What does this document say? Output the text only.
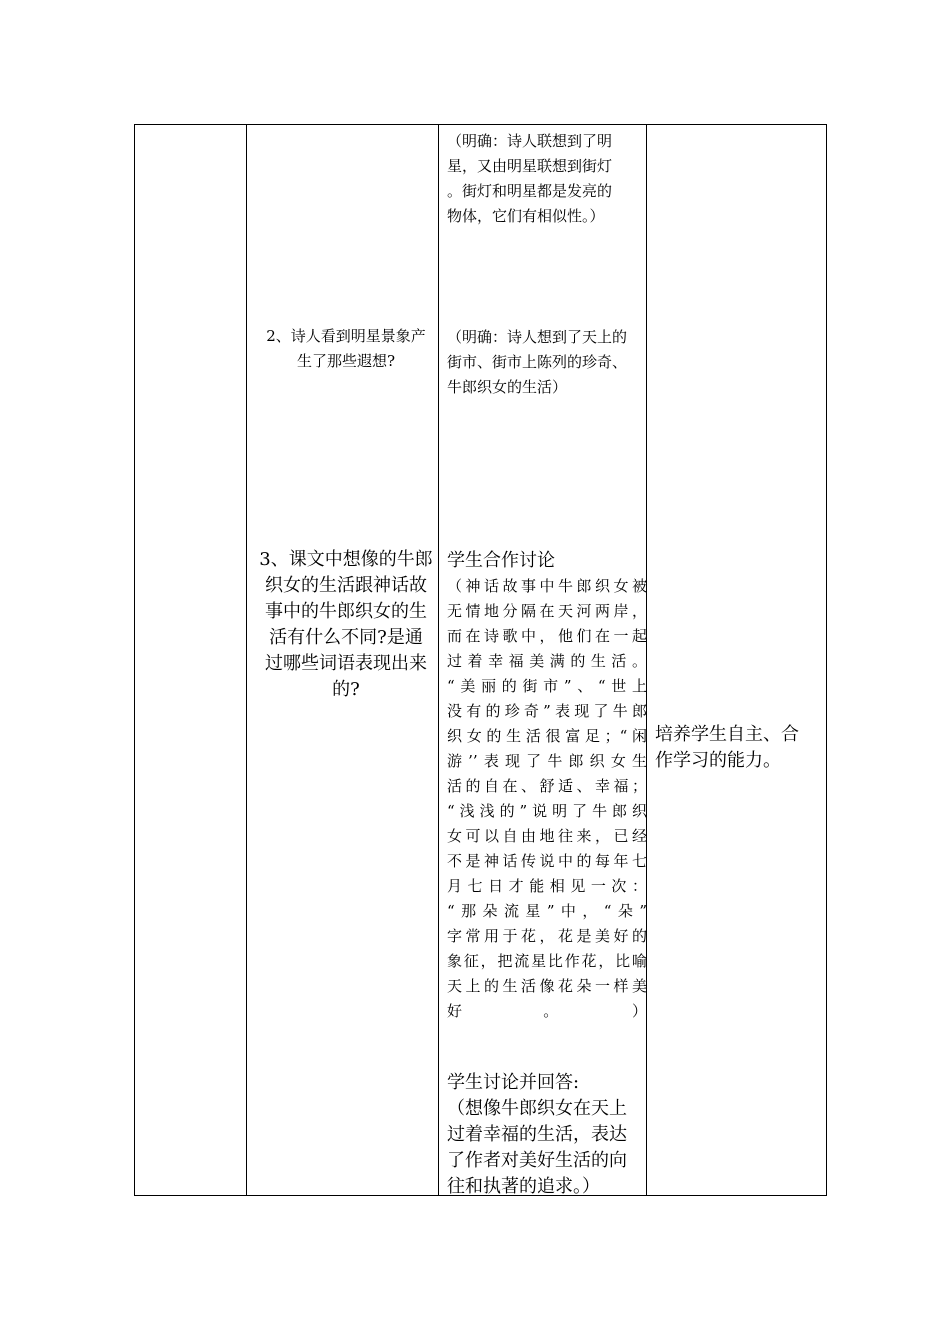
（明确：诗人联想到了明
星，又由明星联想到街灯
。街灯和明星都是发亮的
物体，它们有相似性。）

2、诗人看到明星景象产
生了那些遐想?

（明确：诗人想到了天上的
街市、街市上陈列的珍奇、
牛郎织女的生活）

3、课文中想像的牛郎
织女的生活跟神话故
事中的牛郎织女的生
活有什么不同?是通
过哪些词语表现出来
的?

学生合作讨论

（神话故事中牛郎织女被
无情地分隔在天河两岸，
而在诗歌中，他们在一起
过着幸福美满的生活。
“美丽的街市”、“世上
没有的珍奇”表现了牛郎
织女的生活很富足；“闲
游’’表现了牛郎织女生
活的自在、舒适、幸福；
“浅浅的”说明了牛郎织
女可以自由地往来，已经
不是神话传说中的每年七
月七日才能相见一次：
“那朵流星”中，“朵”
字常用于花，花是美好的
象征，把流星比作花，比喻
天上的生活像花朵一样美
好。）

培养学生自主、合
作学习的能力。

学生讨论并回答:

（想像牛郎织女在天上
过着幸福的生活，表达
了作者对美好生活的向
往和执著的追求。）
